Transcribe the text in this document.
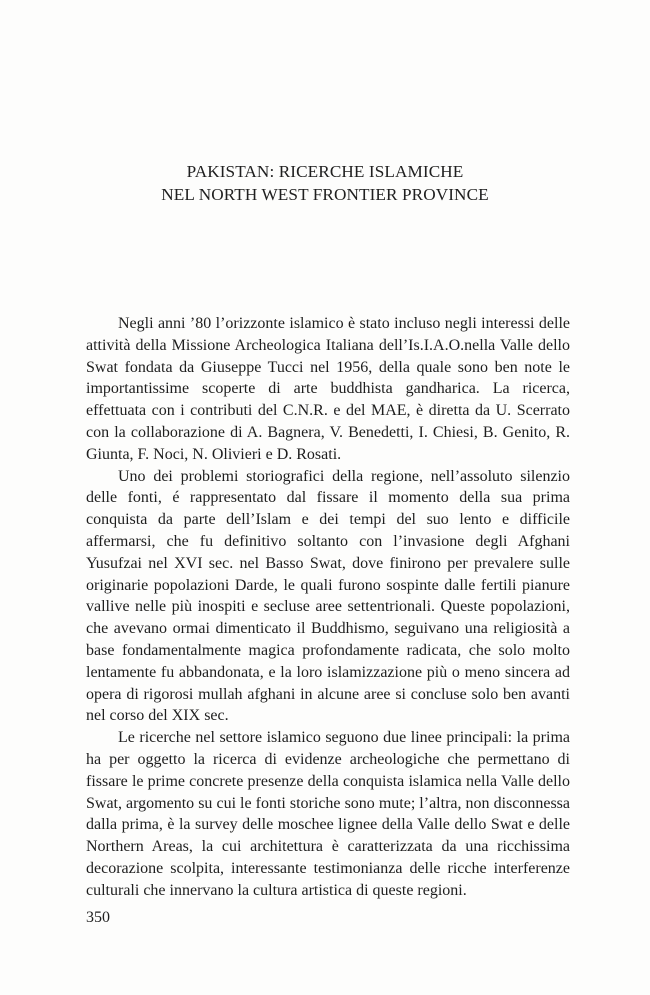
PAKISTAN: RICERCHE ISLAMICHE
NEL NORTH WEST FRONTIER PROVINCE

Negli anni ’80 l’orizzonte islamico è stato incluso negli interessi delle attività della Missione Archeologica Italiana dell’Is.I.A.O.nella Valle dello Swat fondata da Giuseppe Tucci nel 1956, della quale sono ben note le importantissime scoperte di arte buddhista gandharica. La ricerca, effettuata con i contributi del C.N.R. e del MAE, è diretta da U. Scerrato con la collaborazione di A. Bagnera, V. Benedetti, I. Chiesi, B. Genito, R. Giunta, F. Noci, N. Olivieri e D. Rosati.

Uno dei problemi storiografici della regione, nell’assoluto silenzio delle fonti, é rappresentato dal fissare il momento della sua prima conquista da parte dell’Islam e dei tempi del suo lento e difficile affermarsi, che fu definitivo soltanto con l’invasione degli Afghani Yusufzai nel XVI sec. nel Basso Swat, dove finirono per prevalere sulle originarie popolazioni Darde, le quali furono sospinte dalle fertili pianure vallive nelle più inospiti e secluse aree settentrionali. Queste popolazioni, che avevano ormai dimenticato il Buddhismo, seguivano una religiosità a base fondamentalmente magica profondamente radicata, che solo molto lentamente fu abbandonata, e la loro islamizzazione più o meno sincera ad opera di rigorosi mullah afghani in alcune aree si concluse solo ben avanti nel corso del XIX sec.

Le ricerche nel settore islamico seguono due linee principali: la prima ha per oggetto la ricerca di evidenze archeologiche che permettano di fissare le prime concrete presenze della conquista islamica nella Valle dello Swat, argomento su cui le fonti storiche sono mute; l’altra, non disconnessa dalla prima, è la survey delle moschee lignee della Valle dello Swat e delle Northern Areas, la cui architettura è caratterizzata da una ricchissima decorazione scolpita, interessante testimonianza delle ricche interferenze culturali che innervano la cultura artistica di queste regioni.

350
